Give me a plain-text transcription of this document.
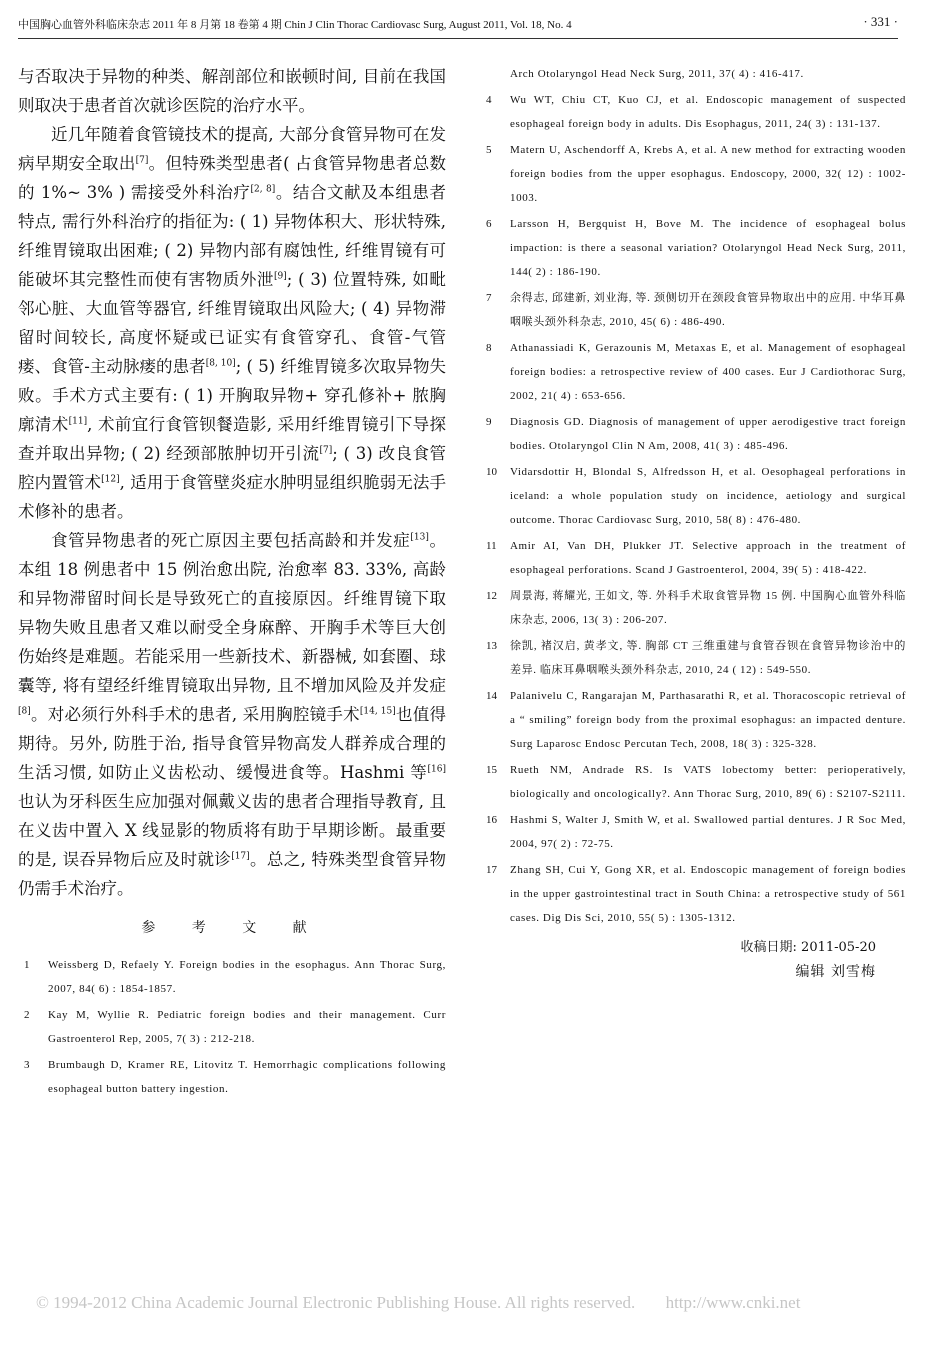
中国胸心血管外科临床杂志 2011 年 8 月第 18 卷第 4 期 Chin J Clin Thorac Cardiovasc Surg, August 2011, Vol. 18, No. 4	· 331 ·

与否取决于异物的种类、解剖部位和嵌顿时间, 目前在我国则取决于患者首次就诊医院的治疗水平。

近几年随着食管镜技术的提高, 大部分食管异物可在发病早期安全取出[7]。但特殊类型患者( 占食管异物患者总数的 1%~ 3% ) 需接受外科治疗[2, 8]。结合文献及本组患者特点, 需行外科治疗的指征为: ( 1) 异物体积大、形状特殊, 纤维胃镜取出困难; ( 2) 异物内部有腐蚀性, 纤维胃镜有可能破坏其完整性而使有害物质外泄[9]; ( 3) 位置特殊, 如毗邻心脏、大血管等器官, 纤维胃镜取出风险大; ( 4) 异物滞留时间较长, 高度怀疑或已证实有食管穿孔、食管-气管瘘、食管-主动脉瘘的患者[8, 10]; ( 5) 纤维胃镜多次取异物失败。手术方式主要有: ( 1) 开胸取异物+ 穿孔修补+ 脓胸廓清术[11], 术前宜行食管钡餐造影, 采用纤维胃镜引下导探查并取出异物; ( 2) 经颈部脓肿切开引流[7]; ( 3) 改良食管腔内置管术[12], 适用于食管壁炎症水肿明显组织脆弱无法手术修补的患者。

食管异物患者的死亡原因主要包括高龄和并发症[13]。本组 18 例患者中 15 例治愈出院, 治愈率 83. 33%, 高龄和异物滞留时间长是导致死亡的直接原因。纤维胃镜下取异物失败且患者又难以耐受全身麻醉、开胸手术等巨大创伤始终是难题。若能采用一些新技术、新器械, 如套圈、球囊等, 将有望经纤维胃镜取出异物, 且不增加风险及并发症[8]。对必须行外科手术的患者, 采用胸腔镜手术[14, 15]也值得期待。另外, 防胜于治, 指导食管异物高发人群养成合理的生活习惯, 如防止义齿松动、缓慢进食等。Hashmi 等[16]也认为牙科医生应加强对佩戴义齿的患者合理指导教育, 且在义齿中置入 X 线显影的物质将有助于早期诊断。最重要的是, 误吞异物后应及时就诊[17]。总之, 特殊类型食管异物仍需手术治疗。

参 考 文 献
1	Weissberg D, Refaely Y. Foreign bodies in the esophagus. Ann Thorac Surg, 2007, 84( 6) : 1854-1857.
2	Kay M, Wyllie R. Pediatric foreign bodies and their management. Curr Gastroenterol Rep, 2005, 7( 3) : 212-218.
3	Brumbaugh D, Kramer RE, Litovitz T. Hemorrhagic complications following esophageal button battery ingestion.
Arch Otolaryngol Head Neck Surg, 2011, 37( 4) : 416-417.
4	Wu WT, Chiu CT, Kuo CJ, et al. Endoscopic management of suspected esophageal foreign body in adults. Dis Esophagus, 2011, 24( 3) : 131-137.
5	Matern U, Aschendorff A, Krebs A, et al. A new method for extracting wooden foreign bodies from the upper esophagus. Endoscopy, 2000, 32( 12) : 1002-1003.
6	Larsson H, Bergquist H, Bove M. The incidence of esophageal bolus impaction: is there a seasonal variation? Otolaryngol Head Neck Surg, 2011, 144( 2) : 186-190.
7	余得志, 邱建新, 刘业海, 等. 颈侧切开在颈段食管异物取出中的应用. 中华耳鼻咽喉头颈外科杂志, 2010, 45( 6) : 486-490.
8	Athanassiadi K, Gerazounis M, Metaxas E, et al. Management of esophageal foreign bodies: a retrospective review of 400 cases. Eur J Cardiothorac Surg, 2002, 21( 4) : 653-656.
9	Diagnosis GD. Diagnosis of management of upper aerodigestive tract foreign bodies. Otolaryngol Clin N Am, 2008, 41( 3) : 485-496.
10	Vidarsdottir H, Blondal S, Alfredsson H, et al. Oesophageal perforations in iceland: a whole population study on incidence, aetiology and surgical outcome. Thorac Cardiovasc Surg, 2010, 58( 8) : 476-480.
11	Amir AI, Van DH, Plukker JT. Selective approach in the treatment of esophageal perforations. Scand J Gastroenterol, 2004, 39( 5) : 418-422.
12	周景海, 蒋耀光, 王如文, 等. 外科手术取食管异物 15 例. 中国胸心血管外科临床杂志, 2006, 13( 3) : 206-207.
13	徐凯, 褚汉启, 黄孝文, 等. 胸部 CT 三维重建与食管吞钡在食管异物诊治中的差异. 临床耳鼻咽喉头颈外科杂志, 2010, 24 ( 12) : 549-550.
14	Palanivelu C, Rangarajan M, Parthasarathi R, et al. Thoracoscopic retrieval of a “ smiling” foreign body from the proximal esophagus: an impacted denture. Surg Laparosc Endosc Percutan Tech, 2008, 18( 3) : 325-328.
15	Rueth NM, Andrade RS. Is VATS lobectomy better: perioperatively, biologically and oncologically?. Ann Thorac Surg, 2010, 89( 6) : S2107-S2111.
16	Hashmi S, Walter J, Smith W, et al. Swallowed partial dentures. J R Soc Med, 2004, 97( 2) : 72-75.
17	Zhang SH, Cui Y, Gong XR, et al. Endoscopic management of foreign bodies in the upper gastrointestinal tract in South China: a retrospective study of 561 cases. Dig Dis Sci, 2010, 55( 5) : 1305-1312.
收稿日期: 2011-05-20
编辑 刘雪梅
© 1994-2012 China Academic Journal Electronic Publishing House. All rights reserved. http://www.cnki.net
